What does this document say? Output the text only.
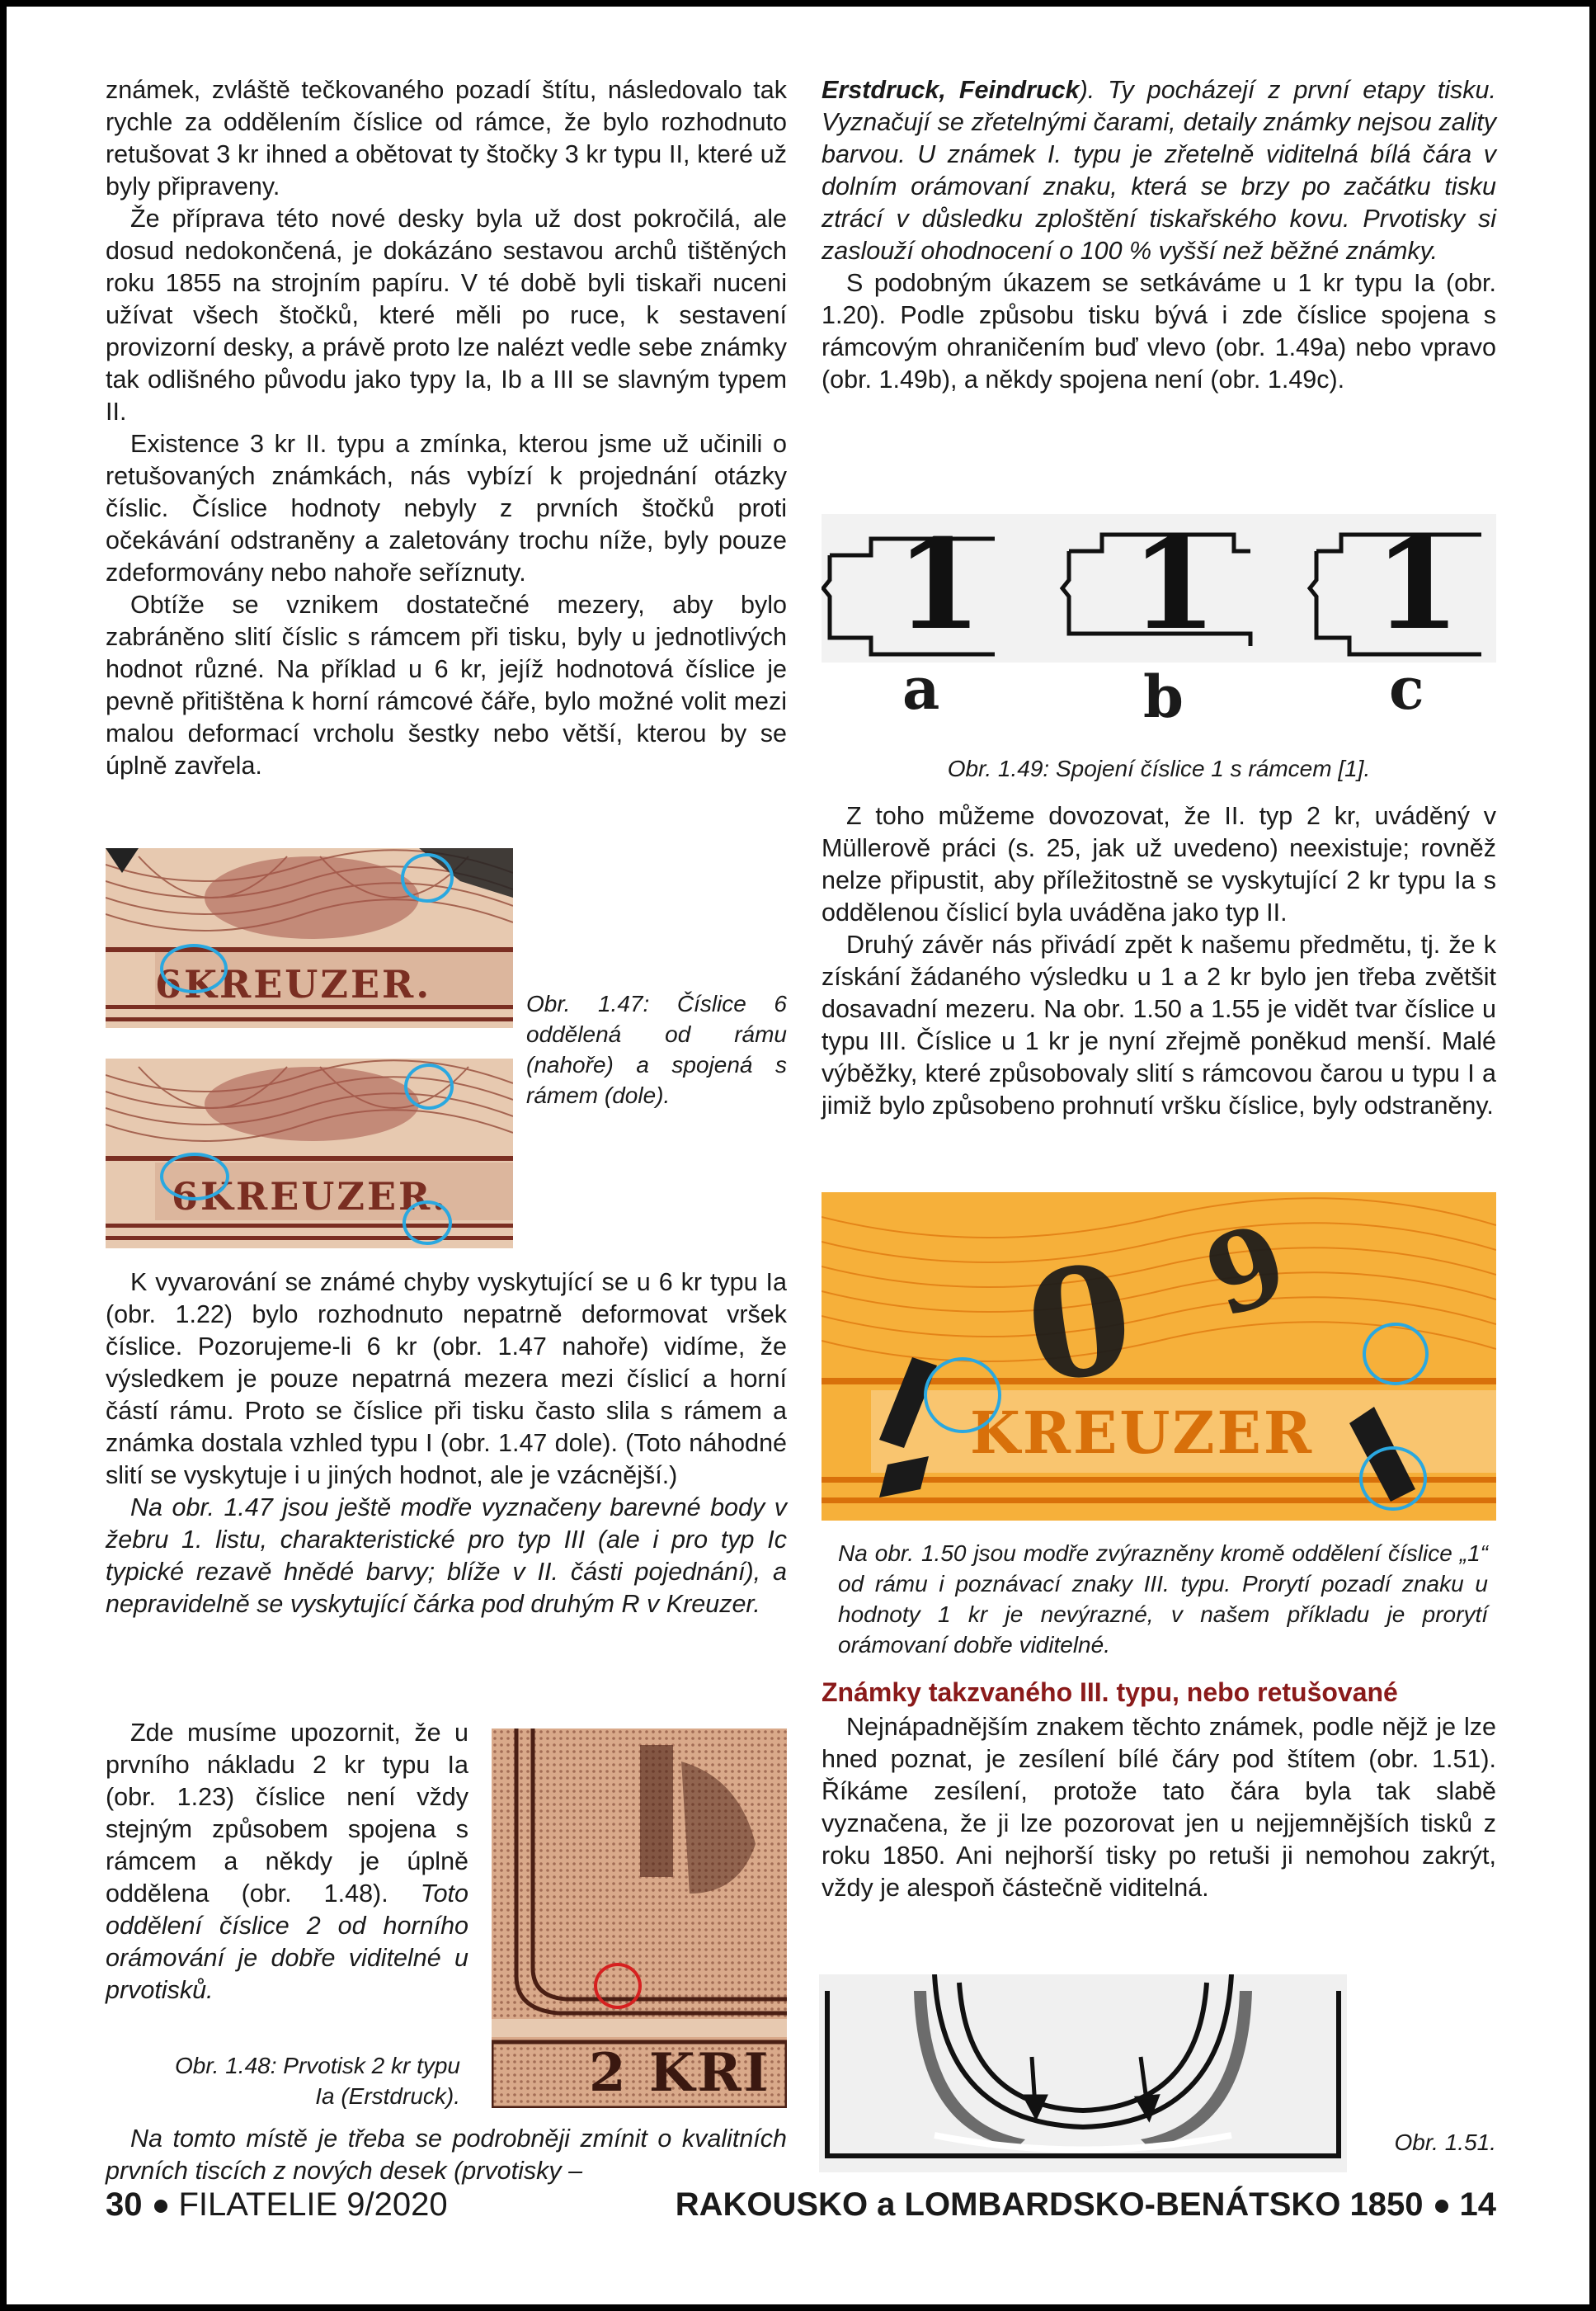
známek, zvláště tečkovaného pozadí štítu, následovalo tak rychle za oddělením číslice od rámce, že bylo rozhodnuto retušovat 3 kr ihned a obětovat ty štočky 3 kr typu II, které už byly připraveny.

Že příprava této nové desky byla už dost pokročilá, ale dosud nedokončená, je dokázáno sestavou archů tištěných roku 1855 na strojním papíru. V té době byli tiskaři nuceni užívat všech štočků, které měli po ruce, k sestavení provizorní desky, a právě proto lze nalézt vedle sebe známky tak odlišného původu jako typy Ia, Ib a III se slavným typem II.

Existence 3 kr II. typu a zmínka, kterou jsme už učinili o retušovaných známkách, nás vybízí k projednání otázky číslic. Číslice hodnoty nebyly z prvních štočků proti očekávání odstraněny a zaletovány trochu níže, byly pouze zdeformovány nebo nahoře seříznuty.

Obtíže se vznikem dostatečné mezery, aby bylo zabráněno slití číslic s rámcem při tisku, byly u jednotlivých hodnot různé. Na příklad u 6 kr, jejíž hodnotová číslice je pevně přitištěna k horní rámcové čáře, bylo možné volit mezi malou deformací vrcholu šestky nebo větší, kterou by se úplně zavřela.

6KREUZER.
6KREUZER.
Obr. 1.47: Číslice 6 oddělená od rámu (nahoře) a spojená s rámem (dole).

K vyvarování se známé chyby vyskytující se u 6 kr typu Ia (obr. 1.22) bylo rozhodnuto nepatrně deformovat vršek číslice. Pozorujeme-li 6 kr (obr. 1.47 nahoře) vidíme, že výsledkem je pouze nepatrná mezera mezi číslicí a horní částí rámu. Proto se číslice při tisku často slila s rámem a známka dostala vzhled typu I (obr. 1.47 dole). (Toto náhodné slití se vyskytuje i u jiných hodnot, ale je vzácnější.)

Na obr. 1.47 jsou ještě modře vyznačeny barevné body v žebru 1. listu, charakteristické pro typ III (ale i pro typ Ic typické rezavě hnědé barvy; blíže v II. části pojednání), a nepravidelně se vyskytující čárka pod druhým R v Kreuzer.

Zde musíme upozornit, že u prvního nákladu 2 kr typu Ia (obr. 1.23) číslice není vždy stejným způsobem spojena s rámcem a někdy je úplně oddělena (obr. 1.48). Toto oddělení číslice 2 od horního orámování je dobře viditelné u prvotisků.

Obr. 1.48: Prvotisk 2 kr typu Ia (Erstdruck). 2 KRI

Na tomto místě je třeba se podrobněji zmínit o kvalitních prvních tiscích z nových desek (prvotisky –

Erstdruck, Feindruck). Ty pocházejí z první etapy tisku. Vyznačují se zřetelnými čarami, detaily známky nejsou zality barvou. U známek I. typu je zřetelně viditelná bílá čára v dolním orámovaní znaku, která se brzy po začátku tisku ztrácí v důsledku zploštění tiskařského kovu. Prvotisky si zaslouží ohodnocení o 100 % vyšší než běžné známky.

S podobným úkazem se setkáváme u 1 kr typu Ia (obr. 1.20). Podle způsobu tisku bývá i zde číslice spojena s rámcovým ohraničením buď vlevo (obr. 1.49a) nebo vpravo (obr. 1.49b), a někdy spojena není (obr. 1.49c).

1 1 1
a	b	c
Obr. 1.49: Spojení číslice 1 s rámcem [1].

Z toho můžeme dovozovat, že II. typ 2 kr, uváděný v Müllerově práci (s. 25, jak už uvedeno) neexistuje; rovněž nelze připustit, aby příležitostně se vyskytující 2 kr typu Ia s oddělenou číslicí byla uváděna jako typ II.

Druhý závěr nás přivádí zpět k našemu předmětu, tj. že k získání žádaného výsledku u 1 a 2 kr bylo jen třeba zvětšit dosavadní mezeru. Na obr. 1.50 a 1.55 je vidět tvar číslice u typu III. Číslice u 1 kr je nyní zřejmě poněkud menší. Malé výběžky, které způsobovaly slití s rámcovou čarou u typu I a jimiž bylo způsobeno prohnutí vršku číslice, byly odstraněny.

0 9
KREUZER
Na obr. 1.50 jsou modře zvýrazněny kromě oddělení číslice „1“ od rámu i poznávací znaky III. typu. Prorytí pozadí znaku u hodnoty 1 kr je nevýrazné, v našem příkladu je prorytí orámovaní dobře viditelné.
Známky takzvaného III. typu, nebo retušované

Nejnápadnějším znakem těchto známek, podle nějž je lze hned poznat, je zesílení bílé čáry pod štítem (obr. 1.51). Říkáme zesílení, protože tato čára byla tak slabě vyznačena, že ji lze pozorovat jen u nejjemnějších tisků z roku 1850. Ani nejhorší tisky po retuši ji nemohou zakrýt, vždy je alespoň částečně viditelná.

Obr. 1.51.
30 FILATELIE 9/2020	RAKOUSKO a LOMBARDSKO-BENÁTSKO 1850 14
